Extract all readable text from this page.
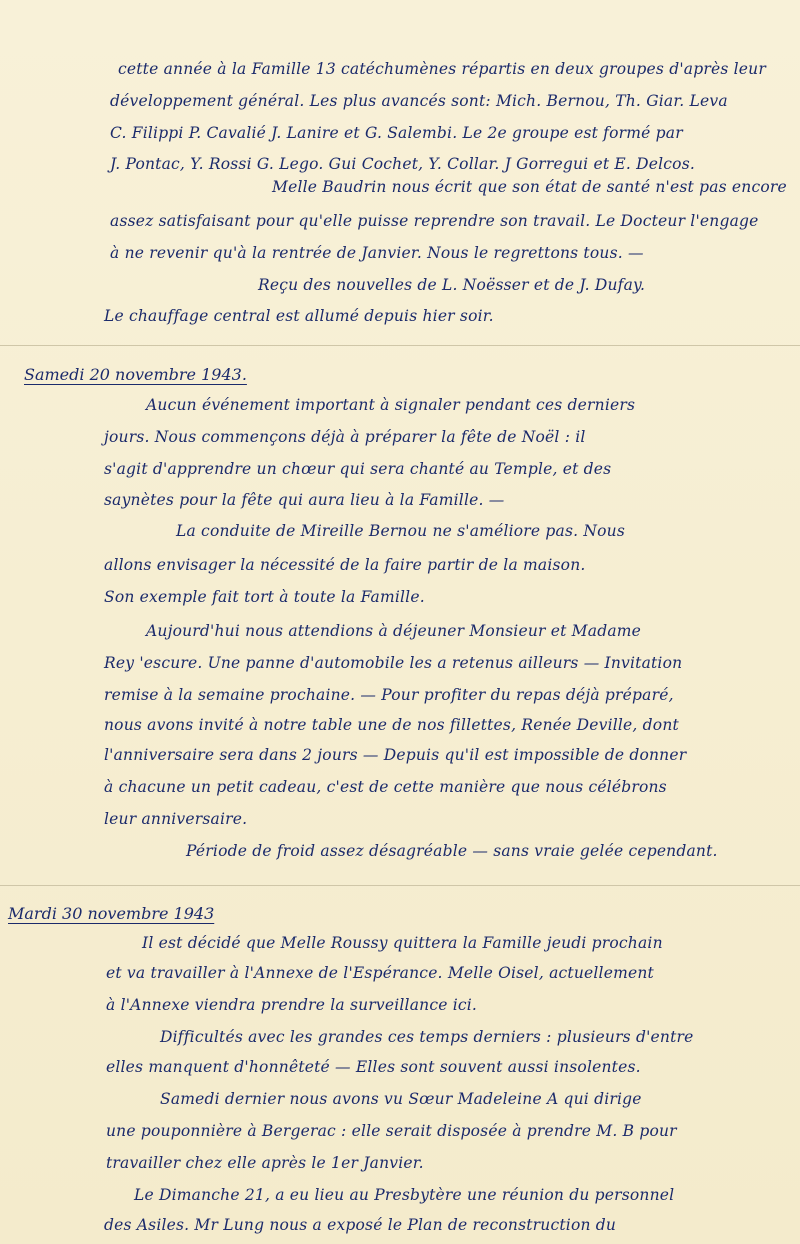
cette année à la Famille 13 catéchumènes répartis en deux groupes d'après leur
développement général. Les plus avancés sont: Mich. Bernou, Th. Giar. Leva
C. Filippi P. Cavalié J. Lanire et G. Salembi. Le 2e groupe est formé par
J. Pontac, Y. Rossi G. Lego. Gui Cochet, Y. Collar. J Gorregui et E. Delcos.
Melle Baudrin nous écrit que son état de santé n'est pas encore
assez satisfaisant pour qu'elle puisse reprendre son travail. Le Docteur l'engage
à ne revenir qu'à la rentrée de Janvier. Nous le regrettons tous. —
Reçu des nouvelles de L. Noësser et de J. Dufay.
Le chauffage central est allumé depuis hier soir.
Samedi 20 novembre 1943.
Aucun événement important à signaler pendant ces derniers
jours. Nous commençons déjà à préparer la fête de Noël : il
s'agit d'apprendre un chœur qui sera chanté au Temple, et des
saynètes pour la fête qui aura lieu à la Famille. —
La conduite de Mireille Bernou ne s'améliore pas. Nous
allons envisager la nécessité de la faire partir de la maison.
Son exemple fait tort à toute la Famille.
Aujourd'hui nous attendions à déjeuner Monsieur et Madame
Rey 'escure. Une panne d'automobile les a retenus ailleurs — Invitation
remise à la semaine prochaine. — Pour profiter du repas déjà préparé,
nous avons invité à notre table une de nos fillettes, Renée Deville, dont
l'anniversaire sera dans 2 jours — Depuis qu'il est impossible de donner
à chacune un petit cadeau, c'est de cette manière que nous célébrons
leur anniversaire.
Période de froid assez désagréable — sans vraie gelée cependant.
Mardi 30 novembre 1943
Il est décidé que Melle Roussy quittera la Famille jeudi prochain
et va travailler à l'Annexe de l'Espérance. Melle Oisel, actuellement
à l'Annexe viendra prendre la surveillance ici.
Difficultés avec les grandes ces temps derniers : plusieurs d'entre
elles manquent d'honnêteté — Elles sont souvent aussi insolentes.
Samedi dernier nous avons vu Sœur Madeleine A qui dirige
une pouponnière à Bergerac : elle serait disposée à prendre M. B pour
travailler chez elle après le 1er Janvier.
Le Dimanche 21, a eu lieu au Presbytère une réunion du personnel
des Asiles. Mr Lung nous a exposé le Plan de reconstruction du
